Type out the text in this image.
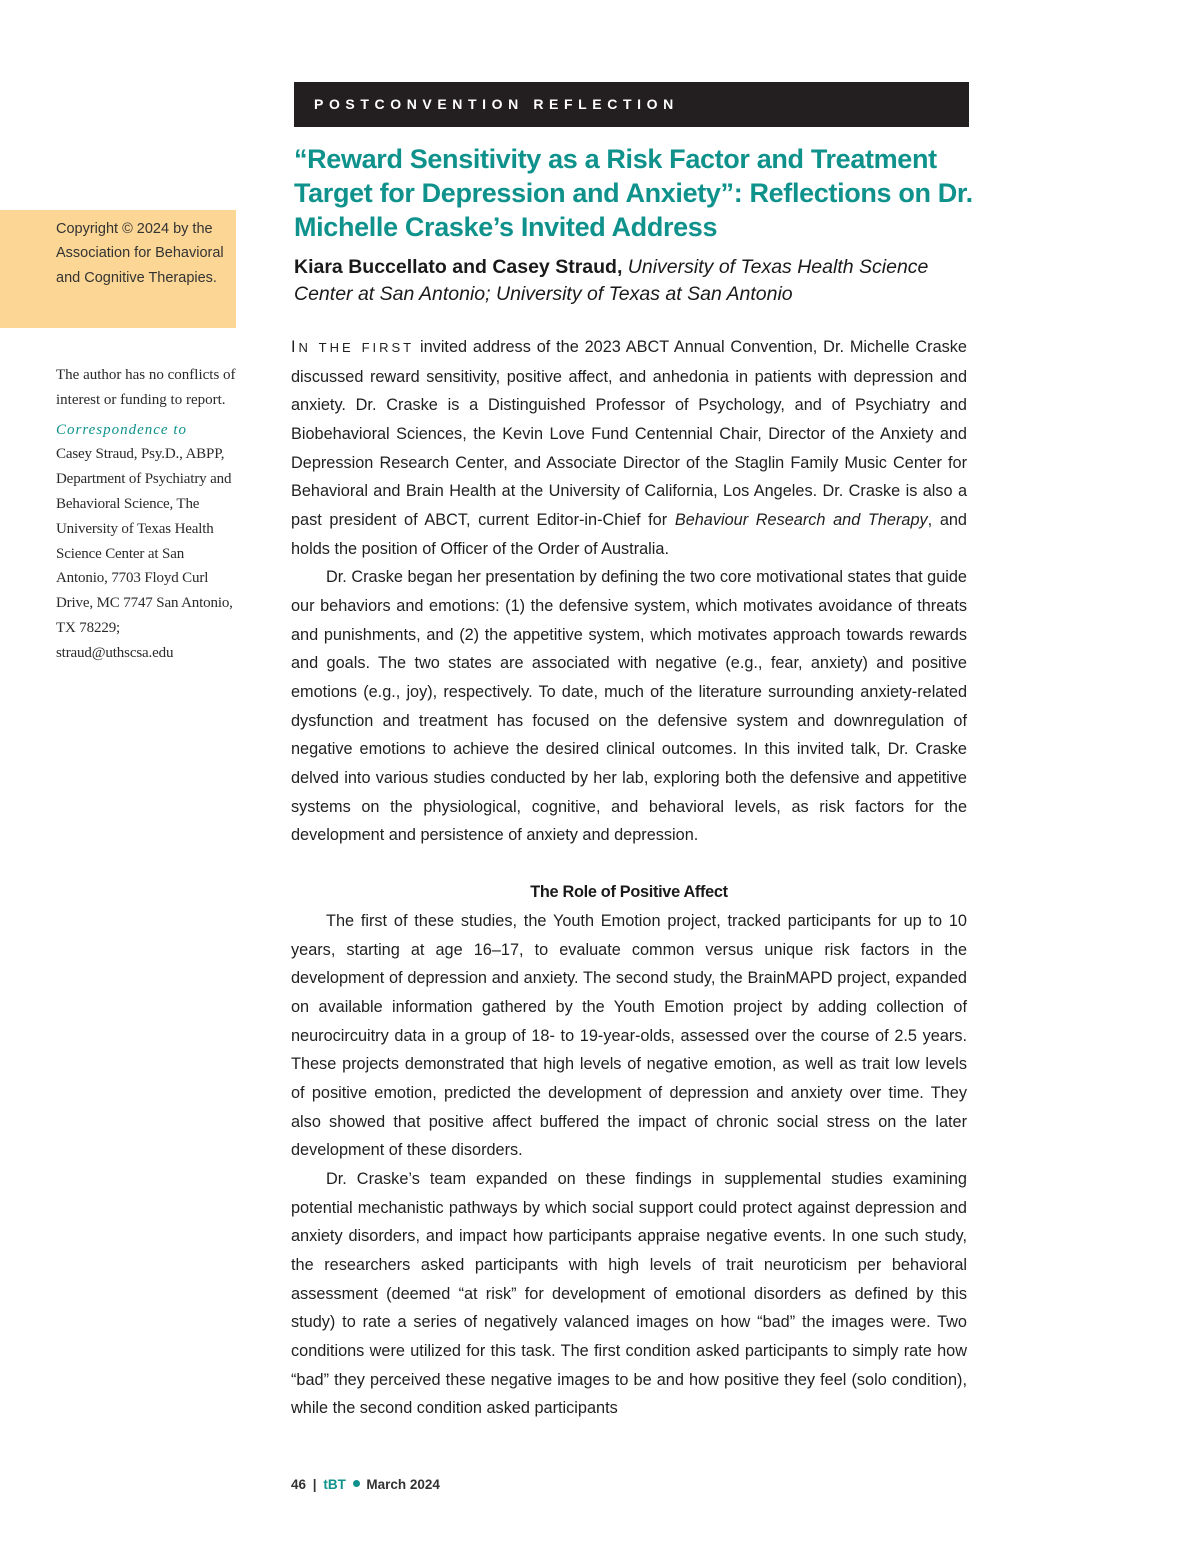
POSTCONVENTION REFLECTION
“Reward Sensitivity as a Risk Factor and Treatment Target for Depression and Anxiety”: Reflections on Dr. Michelle Craske’s Invited Address
Kiara Buccellato and Casey Straud, University of Texas Health Science Center at San Antonio; University of Texas at San Antonio

Copyright © 2024 by the Association for Behavioral and Cognitive Therapies.

The author has no conflicts of interest or funding to report.

Correspondence to

Casey Straud, Psy.D., ABPP, Department of Psychiatry and Behavioral Science, The University of Texas Health Science Center at San Antonio, 7703 Floyd Curl Drive, MC 7747 San Antonio, TX 78229; straud@uthscsa.edu

IN THE FIRST invited address of the 2023 ABCT Annual Convention, Dr. Michelle Craske discussed reward sensitivity, positive affect, and anhedonia in patients with depression and anxiety. Dr. Craske is a Distinguished Professor of Psychology, and of Psychiatry and Biobehavioral Sciences, the Kevin Love Fund Centennial Chair, Director of the Anxiety and Depression Research Center, and Associate Director of the Staglin Family Music Center for Behavioral and Brain Health at the University of California, Los Angeles. Dr. Craske is also a past president of ABCT, current Editor-in-Chief for Behaviour Research and Therapy, and holds the position of Officer of the Order of Australia.

Dr. Craske began her presentation by defining the two core motivational states that guide our behaviors and emotions: (1) the defensive system, which motivates avoidance of threats and punishments, and (2) the appetitive system, which motivates approach towards rewards and goals. The two states are associated with negative (e.g., fear, anxiety) and positive emotions (e.g., joy), respectively. To date, much of the literature surrounding anxiety-related dysfunction and treatment has focused on the defensive system and downregulation of negative emotions to achieve the desired clinical outcomes. In this invited talk, Dr. Craske delved into various studies conducted by her lab, exploring both the defensive and appetitive systems on the physiological, cognitive, and behavioral levels, as risk factors for the development and persistence of anxiety and depression.

The Role of Positive Affect

The first of these studies, the Youth Emotion project, tracked participants for up to 10 years, starting at age 16–17, to evaluate common versus unique risk factors in the development of depression and anxiety. The second study, the BrainMAPD project, expanded on available information gathered by the Youth Emotion project by adding collection of neurocircuitry data in a group of 18- to 19-year-olds, assessed over the course of 2.5 years. These projects demonstrated that high levels of negative emotion, as well as trait low levels of positive emotion, predicted the development of depression and anxiety over time. They also showed that positive affect buffered the impact of chronic social stress on the later development of these disorders.

Dr. Craske’s team expanded on these findings in supplemental studies examining potential mechanistic pathways by which social support could protect against depression and anxiety disorders, and impact how participants appraise negative events. In one such study, the researchers asked participants with high levels of trait neuroticism per behavioral assessment (deemed “at risk” for development of emotional disorders as defined by this study) to rate a series of negatively valanced images on how “bad” the images were. Two conditions were utilized for this task. The first condition asked participants to simply rate how “bad” they perceived these negative images to be and how positive they feel (solo condition), while the second condition asked participants

46 | tBT March 2024
